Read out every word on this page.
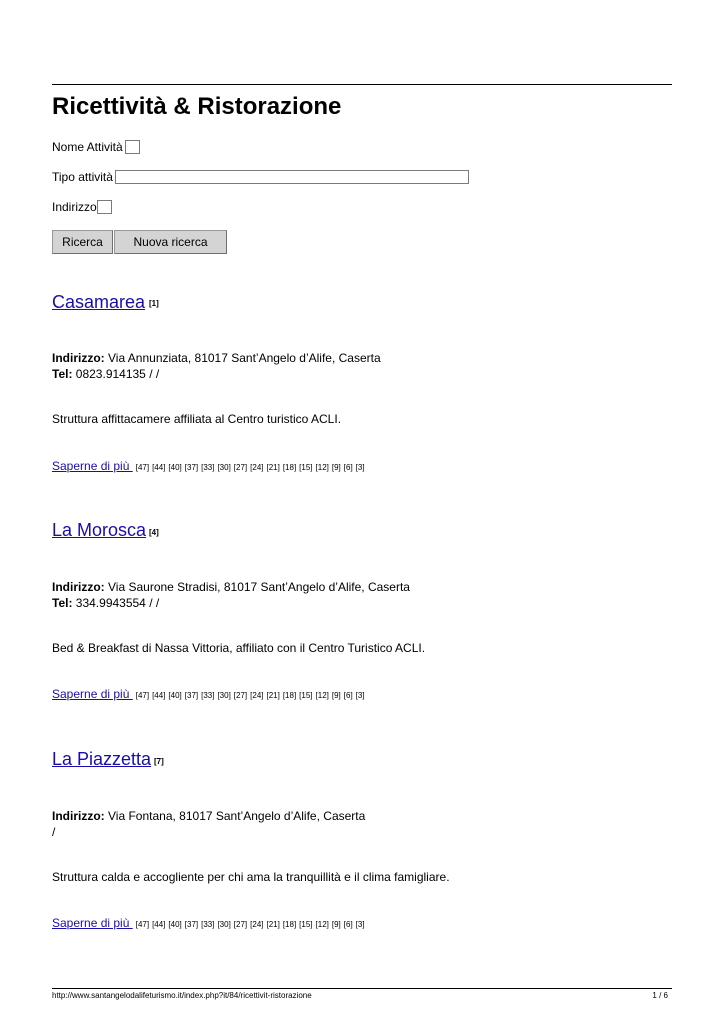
Ricettività & Ristorazione
Nome Attività
Tipo attività
Indirizzo
Ricerca	Nuova ricerca
Casamarea [1]
Indirizzo: Via Annunziata, 81017 Sant’Angelo d’Alife, Caserta
Tel: 0823.914135 / /
Struttura affittacamere affiliata al Centro turistico ACLI.
Saperne di più [47] [44] [40] [37] [33] [30] [27] [24] [21] [18] [15] [12] [9] [6] [3]
La Morosca [4]
Indirizzo: Via Saurone Stradisi, 81017 Sant’Angelo d’Alife, Caserta
Tel: 334.9943554 / /
Bed & Breakfast di Nassa Vittoria, affiliato con il Centro Turistico ACLI.
Saperne di più [47] [44] [40] [37] [33] [30] [27] [24] [21] [18] [15] [12] [9] [6] [3]
La Piazzetta [7]
Indirizzo: Via Fontana, 81017 Sant’Angelo d’Alife, Caserta
/
Struttura calda e accogliente per chi ama la tranquillità e il clima famigliare.
Saperne di più [47] [44] [40] [37] [33] [30] [27] [24] [21] [18] [15] [12] [9] [6] [3]
http://www.santangelodalifeturismo.it/index.php?it/84/ricettivit-ristorazione	1 / 6
